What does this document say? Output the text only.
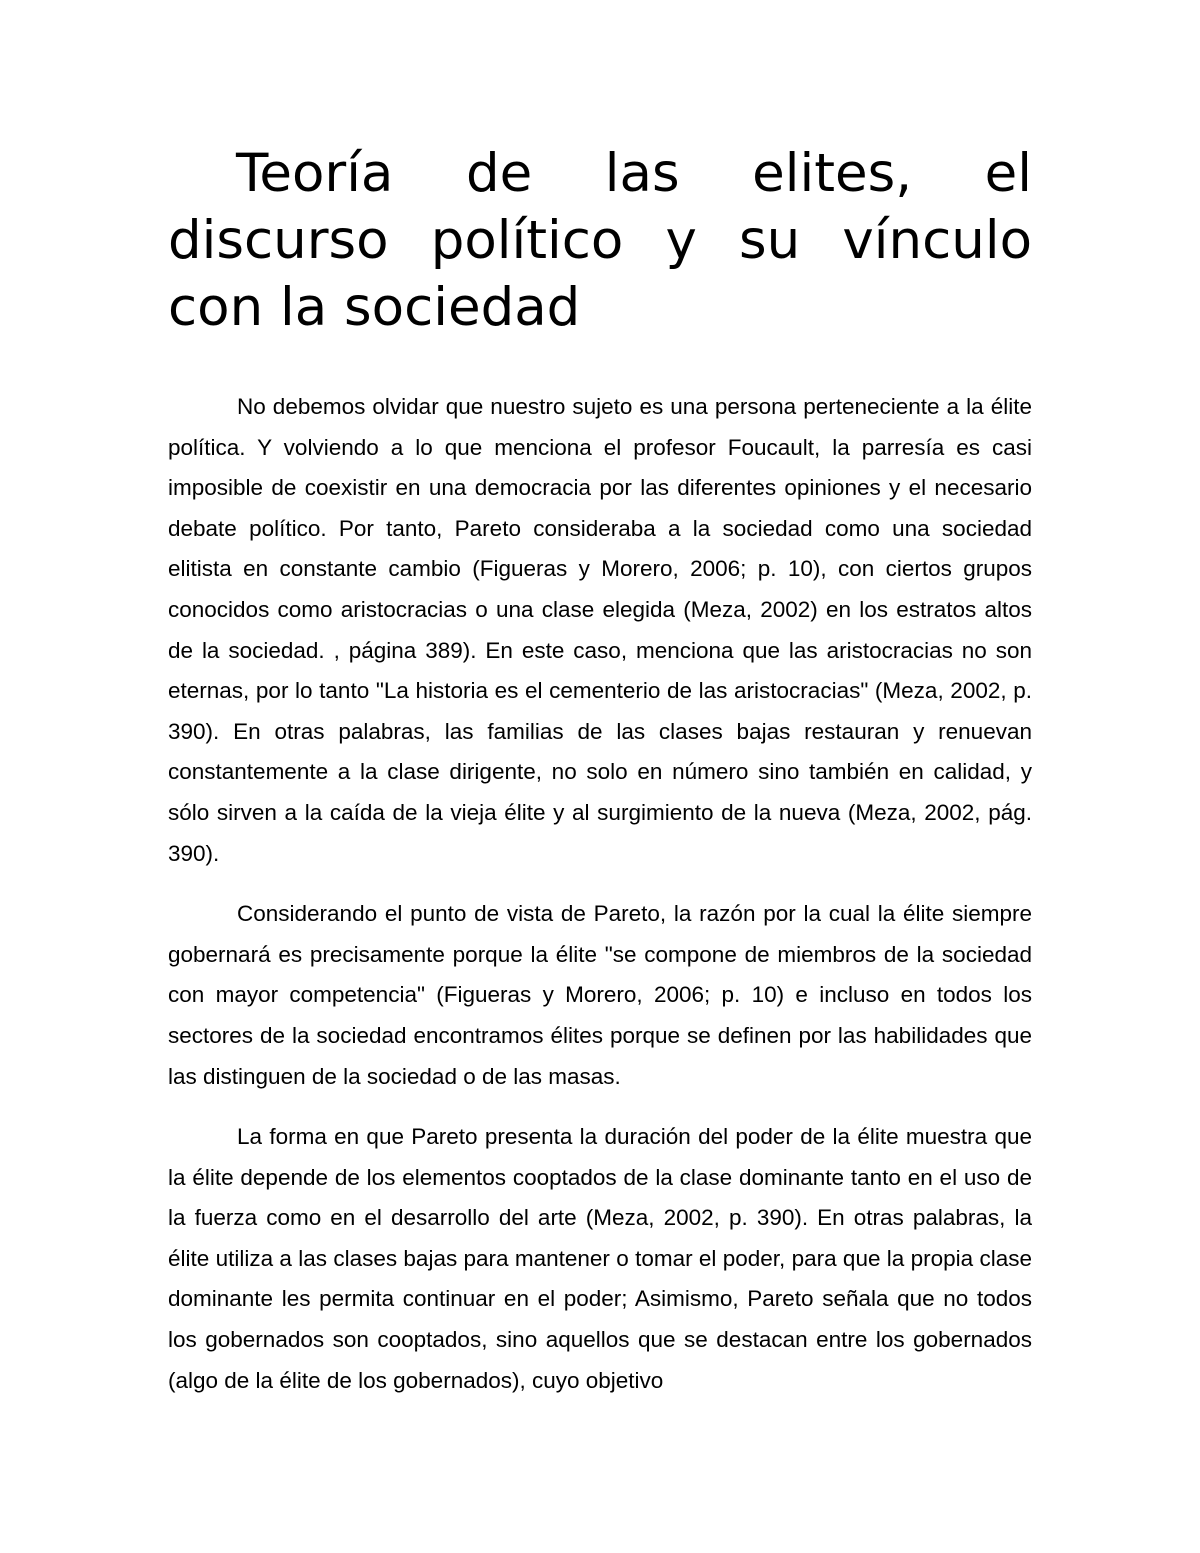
Teoría de las elites, el discurso político y su vínculo con la sociedad

No debemos olvidar que nuestro sujeto es una persona perteneciente a la élite política. Y volviendo a lo que menciona el profesor Foucault, la parresía es casi imposible de coexistir en una democracia por las diferentes opiniones y el necesario debate político. Por tanto, Pareto consideraba a la sociedad como una sociedad elitista en constante cambio (Figueras y Morero, 2006; p. 10), con ciertos grupos conocidos como aristocracias o una clase elegida (Meza, 2002) en los estratos altos de la sociedad. , página 389). En este caso, menciona que las aristocracias no son eternas, por lo tanto "La historia es el cementerio de las aristocracias" (Meza, 2002, p. 390). En otras palabras, las familias de las clases bajas restauran y renuevan constantemente a la clase dirigente, no solo en número sino también en calidad, y sólo sirven a la caída de la vieja élite y al surgimiento de la nueva (Meza, 2002, pág. 390).

Considerando el punto de vista de Pareto, la razón por la cual la élite siempre gobernará es precisamente porque la élite "se compone de miembros de la sociedad con mayor competencia" (Figueras y Morero, 2006; p. 10) e incluso en todos los sectores de la sociedad encontramos élites porque se definen por las habilidades que las distinguen de la sociedad o de las masas.

La forma en que Pareto presenta la duración del poder de la élite muestra que la élite depende de los elementos cooptados de la clase dominante tanto en el uso de la fuerza como en el desarrollo del arte (Meza, 2002, p. 390). En otras palabras, la élite utiliza a las clases bajas para mantener o tomar el poder, para que la propia clase dominante les permita continuar en el poder; Asimismo, Pareto señala que no todos los gobernados son cooptados, sino aquellos que se destacan entre los gobernados (algo de la élite de los gobernados), cuyo objetivo
